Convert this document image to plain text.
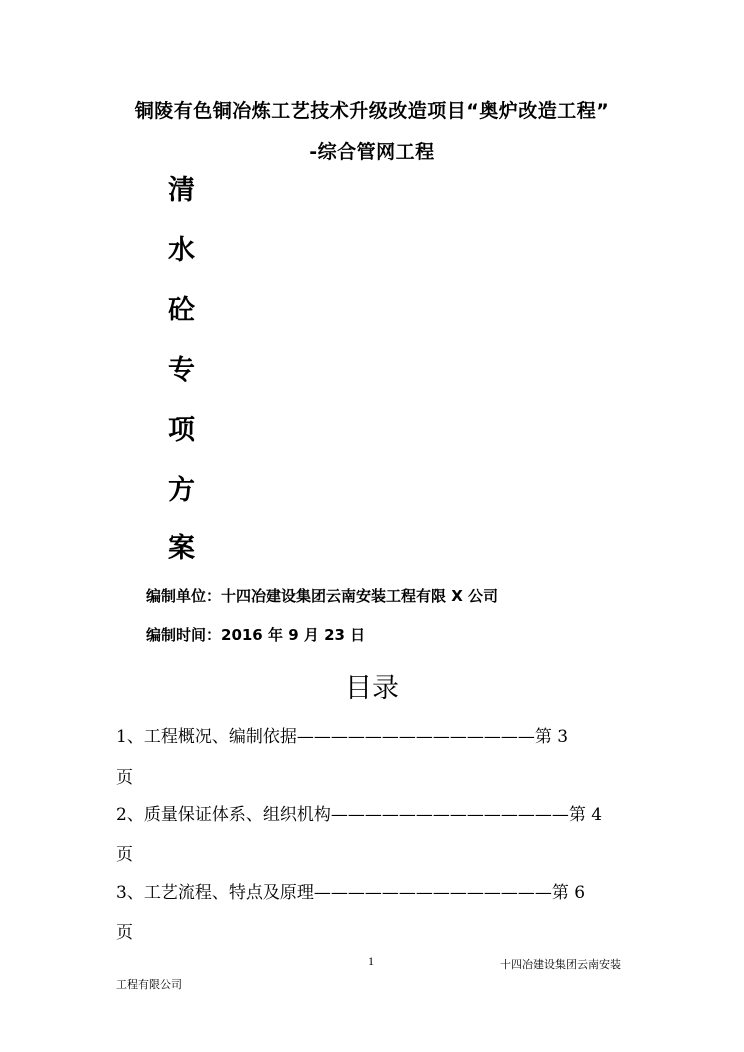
铜陵有色铜冶炼工艺技术升级改造项目“奥炉改造工程”
-综合管网工程
清
水
砼
专
项
方
案
编制单位：十四冶建设集团云南安装工程有限 X 公司
编制时间：2016 年 9 月 23 日
目录
1、工程概况、编制依据——————————————第 3
页
2、质量保证体系、组织机构——————————————第 4
页
3、工艺流程、特点及原理——————————————第 6
页
1	十四冶建设集团云南安装
工程有限公司
